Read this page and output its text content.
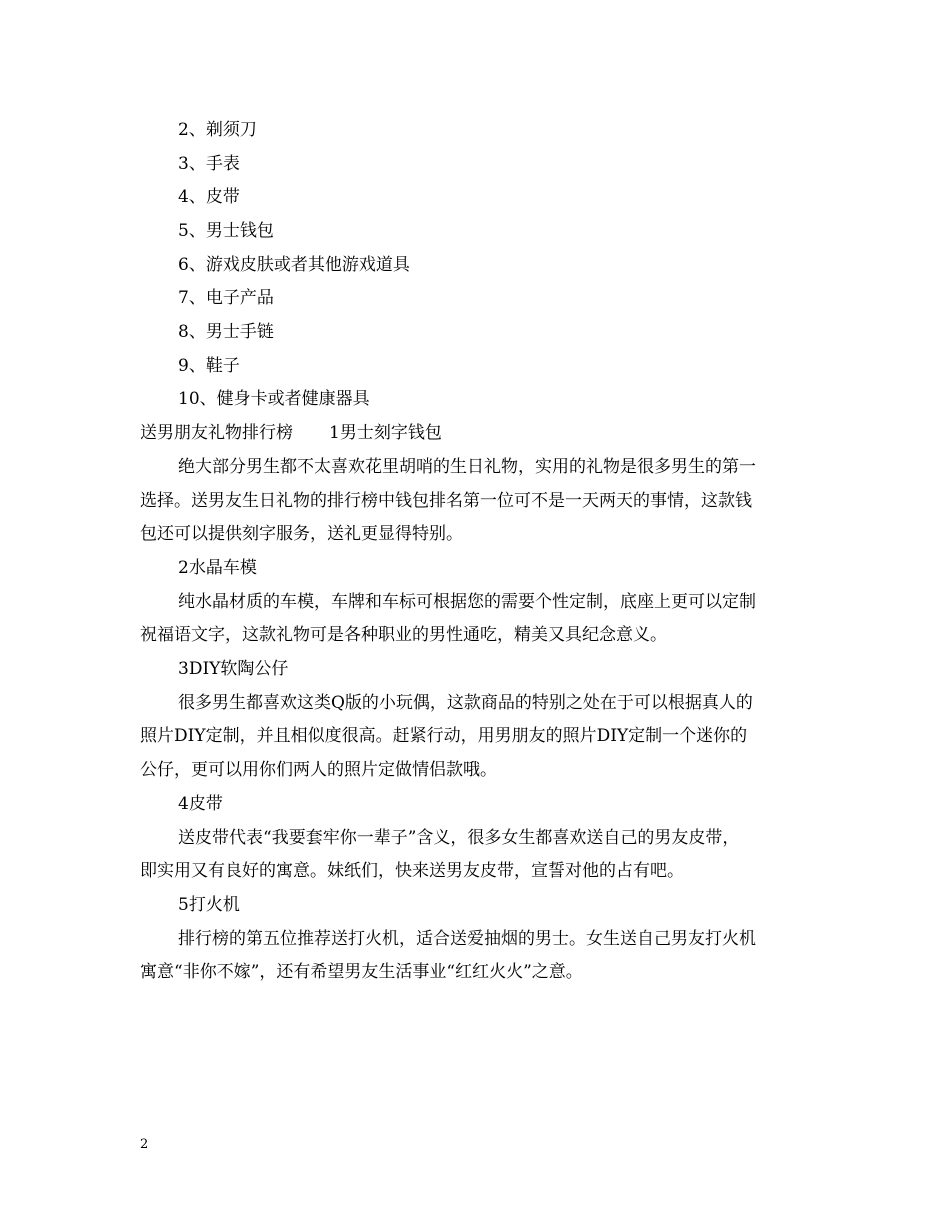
2、剃须刀
3、手表
4、皮带
5、男士钱包
6、游戏皮肤或者其他游戏道具
7、电子产品
8、男士手链
9、鞋子
10、健身卡或者健康器具
送男朋友礼物排行榜 1男士刻字钱包
绝大部分男生都不太喜欢花里胡哨的生日礼物，实用的礼物是很多男生的第一
选择。送男友生日礼物的排行榜中钱包排名第一位可不是一天两天的事情，这款钱
包还可以提供刻字服务，送礼更显得特别。
2水晶车模
纯水晶材质的车模，车牌和车标可根据您的需要个性定制，底座上更可以定制
祝福语文字，这款礼物可是各种职业的男性通吃，精美又具纪念意义。
3DIY软陶公仔
很多男生都喜欢这类Q版的小玩偶，这款商品的特别之处在于可以根据真人的
照片DIY定制，并且相似度很高。赶紧行动，用男朋友的照片DIY定制一个迷你的
公仔，更可以用你们两人的照片定做情侣款哦。
4皮带
送皮带代表“我要套牢你一辈子”含义，很多女生都喜欢送自己的男友皮带，
即实用又有良好的寓意。妹纸们，快来送男友皮带，宣誓对他的占有吧。
5打火机
排行榜的第五位推荐送打火机，适合送爱抽烟的男士。女生送自己男友打火机
寓意“非你不嫁”，还有希望男友生活事业“红红火火”之意。
2
